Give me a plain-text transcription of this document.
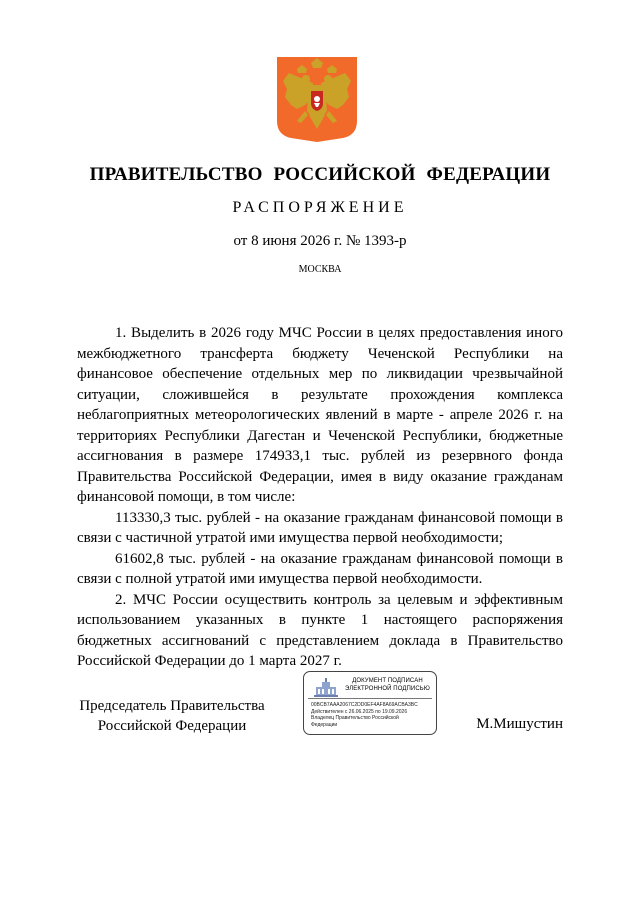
ПРАВИТЕЛЬСТВО РОССИЙСКОЙ ФЕДЕРАЦИИ
РАСПОРЯЖЕНИЕ
от 8 июня 2026 г. № 1393-р
МОСКВА

1. Выделить в 2026 году МЧС России в целях предоставления иного межбюджетного трансферта бюджету Чеченской Республики на финансовое обеспечение отдельных мер по ликвидации чрезвычайной ситуации, сложившейся в результате прохождения комплекса неблагоприятных метеорологических явлений в марте - апреле 2026 г. на территориях Республики Дагестан и Чеченской Республики, бюджетные ассигнования в размере 174933,1 тыс. рублей из резервного фонда Правительства Российской Федерации, имея в виду оказание гражданам финансовой помощи, в том числе:

113330,3 тыс. рублей - на оказание гражданам финансовой помощи в связи с частичной утратой ими имущества первой необходимости;

61602,8 тыс. рублей - на оказание гражданам финансовой помощи в связи с полной утратой ими имущества первой необходимости.

2. МЧС России осуществить контроль за целевым и эффективным использованием указанных в пункте 1 настоящего распоряжения бюджетных ассигнований с представлением доклада в Правительство Российской Федерации до 1 марта 2027 г.

Председатель Правительства
Российской Федерации
ДОКУМЕНТ ПОДПИСАН
ЭЛЕКТРОННОЙ ПОДПИСЬЮ
00BCB7AAA2067C2DD0EF4AF8A69ACBA3BC
Действителен с 26.06.2025 по 19.09.2026
Владелец Правительство Российской
Федерации	М.Мишустин
